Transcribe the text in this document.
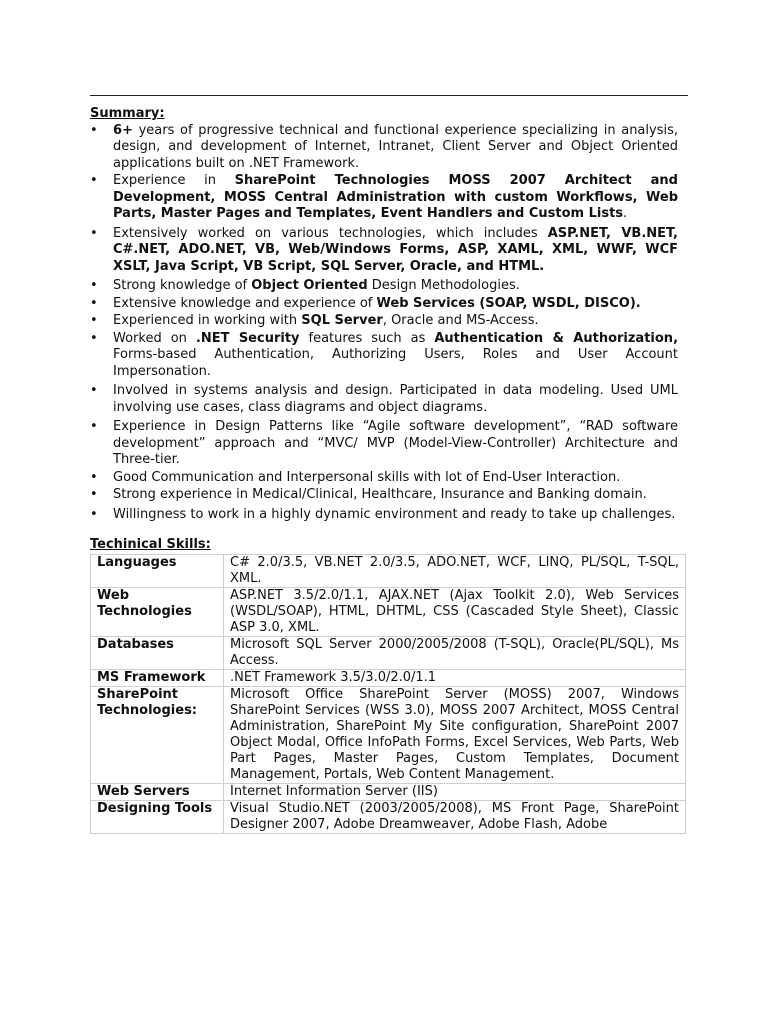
Summary:

• 6+ years of progressive technical and functional experience specializing in analysis, design, and development of Internet, Intranet, Client Server and Object Oriented applications built on .NET Framework.
• Experience in SharePoint Technologies MOSS 2007 Architect and Development, MOSS Central Administration with custom Workflows, Web Parts, Master Pages and Templates, Event Handlers and Custom Lists.
• Extensively worked on various technologies, which includes ASP.NET, VB.NET, C#.NET, ADO.NET, VB, Web/Windows Forms, ASP, XAML, XML, WWF, WCF XSLT, Java Script, VB Script, SQL Server, Oracle, and HTML.
• Strong knowledge of Object Oriented Design Methodologies.
• Extensive knowledge and experience of Web Services (SOAP, WSDL, DISCO).
• Experienced in working with SQL Server, Oracle and MS-Access.
• Worked on .NET Security features such as Authentication & Authorization, Forms-based Authentication, Authorizing Users, Roles and User Account Impersonation.
• Involved in systems analysis and design. Participated in data modeling. Used UML involving use cases, class diagrams and object diagrams.
• Experience in Design Patterns like “Agile software development”, “RAD software development” approach and “MVC/ MVP (Model-View-Controller) Architecture and Three-tier.
• Good Communication and Interpersonal skills with lot of End-User Interaction.
• Strong experience in Medical/Clinical, Healthcare, Insurance and Banking domain.
• Willingness to work in a highly dynamic environment and ready to take up challenges.

Techinical Skills:

Languages	C# 2.0/3.5, VB.NET 2.0/3.5, ADO.NET, WCF, LINQ, PL/SQL, T-SQL, XML.
Web Technologies	ASP.NET 3.5/2.0/1.1, AJAX.NET (Ajax Toolkit 2.0), Web Services (WSDL/SOAP), HTML, DHTML, CSS (Cascaded Style Sheet), Classic ASP 3.0, XML.
Databases	Microsoft SQL Server 2000/2005/2008 (T-SQL), Oracle(PL/SQL), Ms Access.
MS Framework	.NET Framework 3.5/3.0/2.0/1.1
SharePoint Technologies:	Microsoft Office SharePoint Server (MOSS) 2007, Windows SharePoint Services (WSS 3.0), MOSS 2007 Architect, MOSS Central Administration, SharePoint My Site configuration, SharePoint 2007 Object Modal, Office InfoPath Forms, Excel Services, Web Parts, Web Part Pages, Master Pages, Custom Templates, Document Management, Portals, Web Content Management.
Web Servers	Internet Information Server (IIS)
Designing Tools	Visual Studio.NET (2003/2005/2008), MS Front Page, SharePoint Designer 2007, Adobe Dreamweaver, Adobe Flash, Adobe
